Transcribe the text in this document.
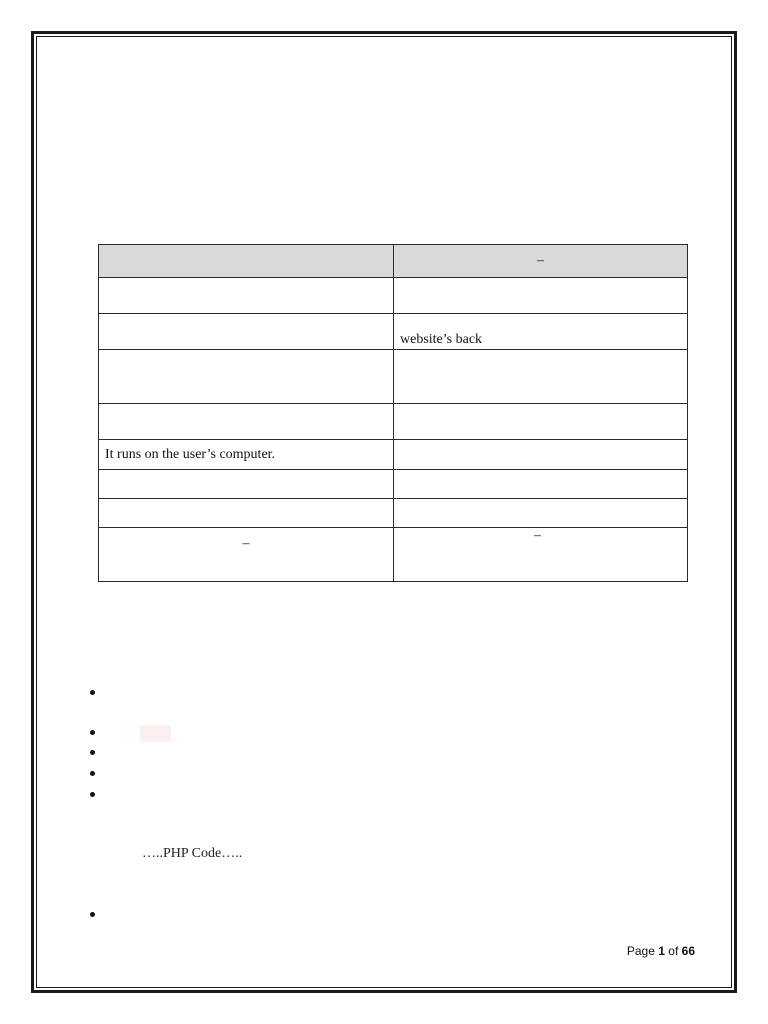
	–

	website’s back

It runs on the user’s computer.	

–	–
…..PHP Code…..
Page 1 of 66
